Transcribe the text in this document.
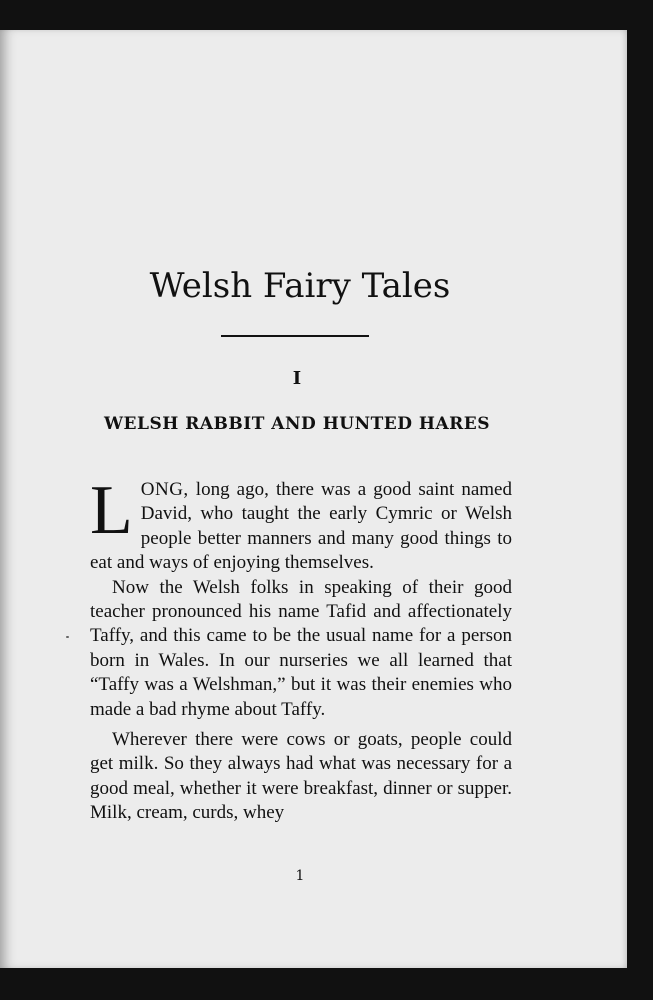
Welsh Fairy Tales
I
WELSH RABBIT AND HUNTED HARES

LONG, long ago, there was a good saint named David, who taught the early Cymric or Welsh people better manners and many good things to eat and ways of enjoying themselves.

Now the Welsh folks in speaking of their good teacher pronounced his name Tafid and affectionately Taffy, and this came to be the usual name for a person born in Wales. In our nurseries we all learned that “Taffy was a Welshman,” but it was their enemies who made a bad rhyme about Taffy.

Wherever there were cows or goats, people could get milk. So they always had what was necessary for a good meal, whether it were breakfast, dinner or supper. Milk, cream, curds, whey

1
